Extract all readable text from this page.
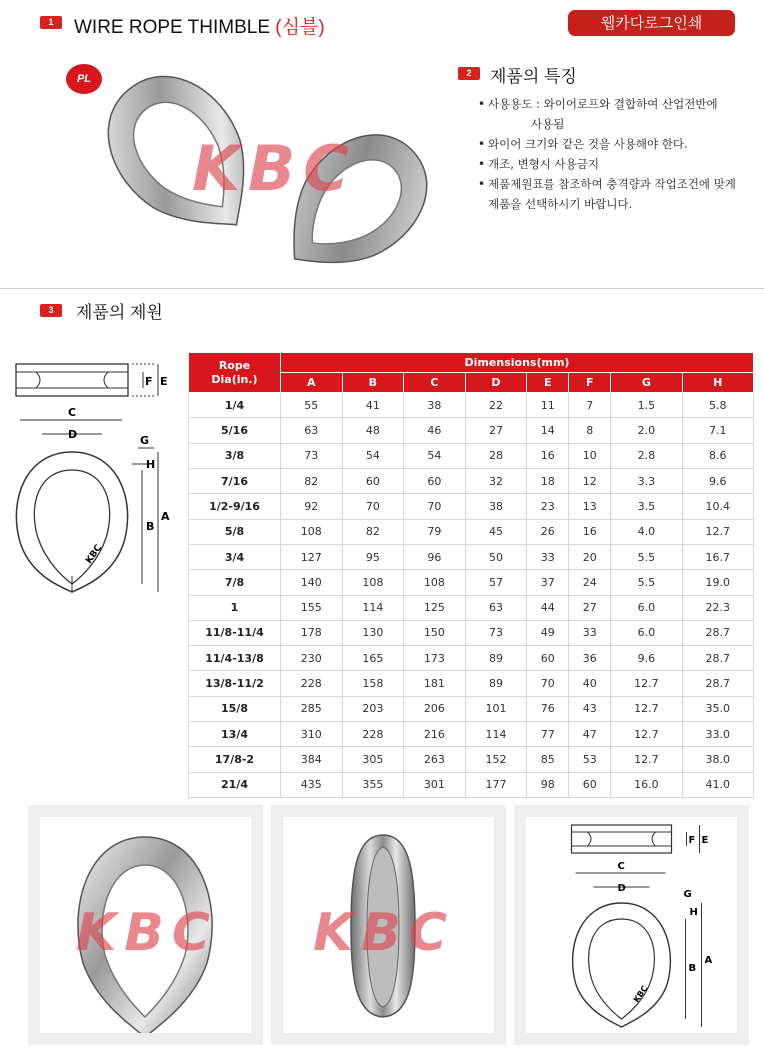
1	WIRE ROPE THIMBLE (심블)	웹카다로그인쇄
KBC
PL	2	제품의 특징
• 사용용도 : 와이어로프와 결합하여 산업전반에
사용됨
• 와이어 크기와 같은 것을 사용해야 한다.
• 개조, 변형시 사용금지
• 제품제원표를 참조하여 충격량과 작업조건에 맞게
제품을 선택하시기 바랍니다.
3	제품의 제원
F E
C
D
KBC
B
A
G
H
Rope
Dia(in.)	Dimensions(mm)							
	A	B	C	D	E	F	G	H
1/4	55	41	38	22	11	7	1.5	5.8
5/16	63	48	46	27	14	8	2.0	7.1
3/8	73	54	54	28	16	10	2.8	8.6
7/16	82	60	60	32	18	12	3.3	9.6
1/2-9/16	92	70	70	38	23	13	3.5	10.4
5/8	108	82	79	45	26	16	4.0	12.7
3/4	127	95	96	50	33	20	5.5	16.7
7/8	140	108	108	57	37	24	5.5	19.0
1	155	114	125	63	44	27	6.0	22.3
11/8-11/4	178	130	150	73	49	33	6.0	28.7
11/4-13/8	230	165	173	89	60	36	9.6	28.7
13/8-11/2	228	158	181	89	70	40	12.7	28.7
15/8	285	203	206	101	76	43	12.7	35.0
13/4	310	228	216	114	77	47	12.7	33.0
17/8-2	384	305	263	152	85	53	12.7	38.0
21/4	435	355	301	177	98	60	16.0	41.0
KBC KBC
F E
C
D
KBC
B
A
G
H
